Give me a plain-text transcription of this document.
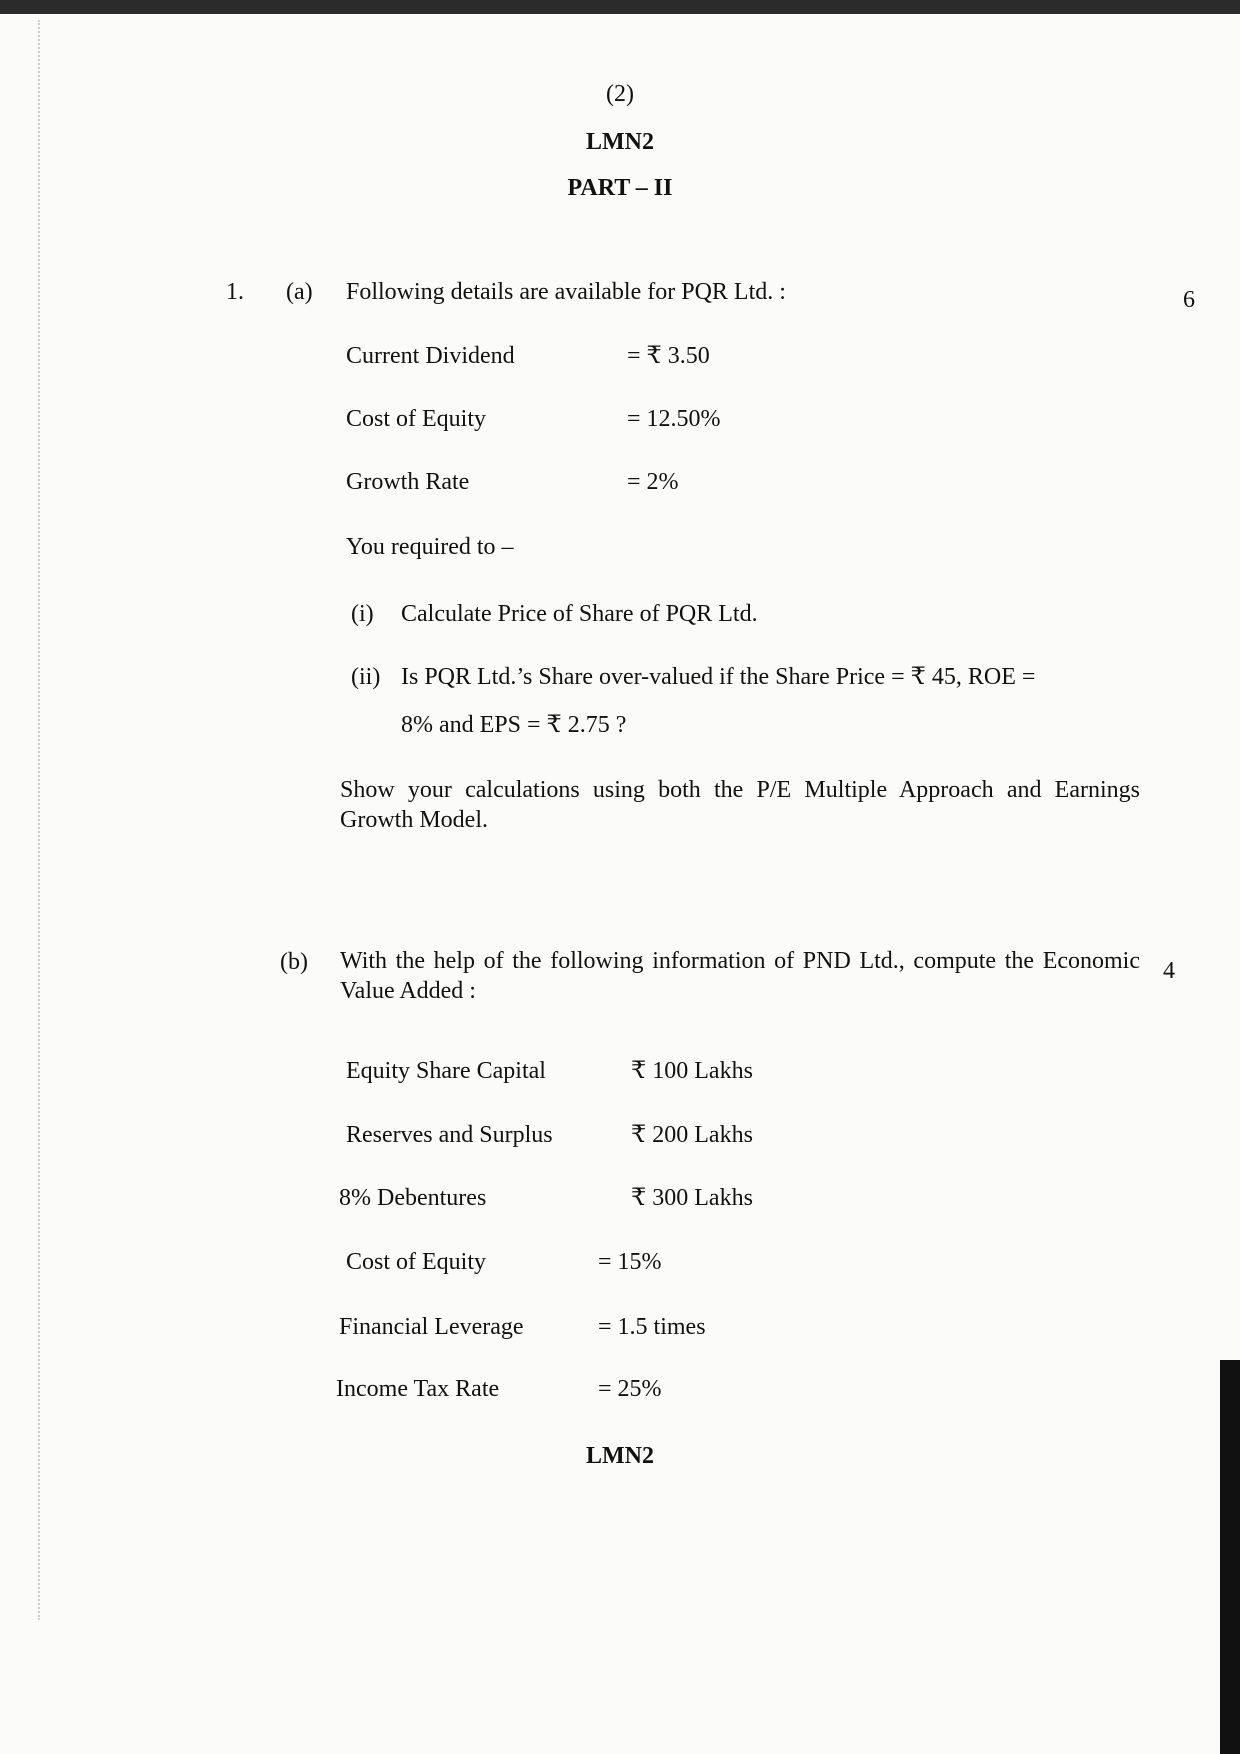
(2)
LMN2
PART – II
1. (a) Following details are available for PQR Ltd. :	6
Current Dividend	= ₹ 3.50
Cost of Equity	= 12.50%
Growth Rate	= 2%
You required to –
(i) Calculate Price of Share of PQR Ltd.
(ii) Is PQR Ltd.’s Share over-valued if the Share Price = ₹ 45, ROE =
8% and EPS = ₹ 2.75 ?
Show your calculations using both the P/E Multiple Approach and Earnings Growth Model.
(b) With the help of the following information of PND Ltd., compute the Economic Value Added :
4
Equity Share Capital	₹ 100 Lakhs
Reserves and Surplus	₹ 200 Lakhs
8% Debentures	₹ 300 Lakhs
Cost of Equity	= 15%
Financial Leverage	= 1.5 times
Income Tax Rate	= 25%
LMN2
